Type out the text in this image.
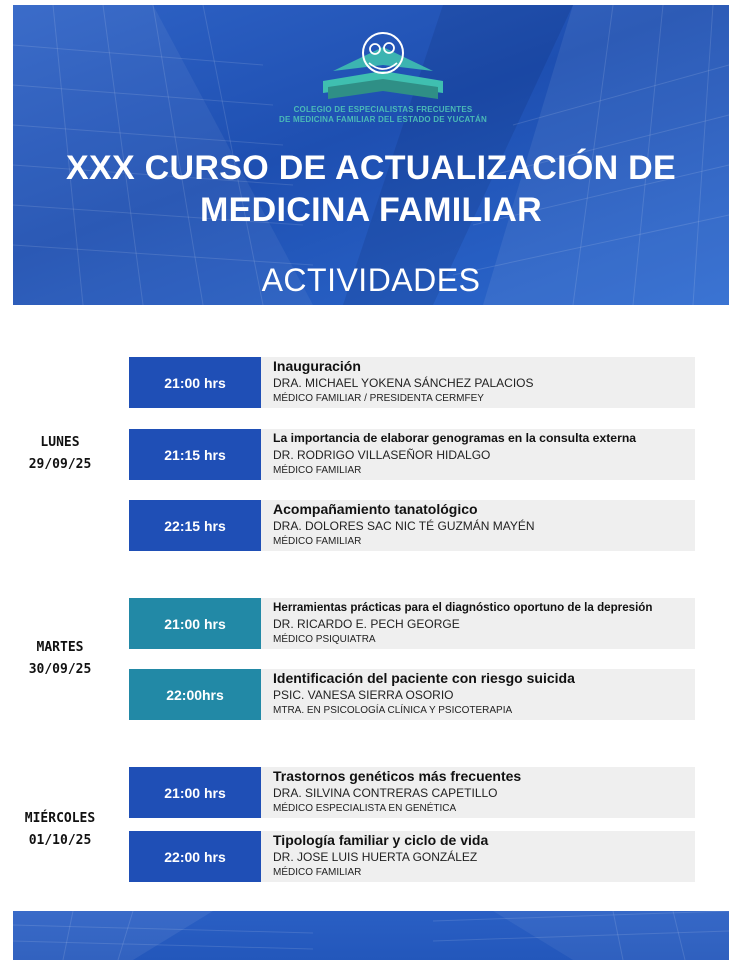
COLEGIO DE ESPECIALISTAS FRECUENTES
DE MEDICINA FAMILIAR DEL ESTADO DE YUCATÁN
XXX CURSO DE ACTUALIZACIÓN DE
MEDICINA FAMILIAR
ACTIVIDADES
LUNES
29/09/25
MARTES
30/09/25
MIÉRCOLES
01/10/25
21:00 hrs
Inauguración
DRA. MICHAEL YOKENA SÁNCHEZ PALACIOS
MÉDICO FAMILIAR / PRESIDENTA CERMFEY
21:15 hrs
La importancia de elaborar genogramas en la consulta externa
DR. RODRIGO VILLASEÑOR HIDALGO
MÉDICO FAMILIAR
22:15 hrs
Acompañamiento tanatológico
DRA. DOLORES SAC NIC TÉ GUZMÁN MAYÉN
MÉDICO FAMILIAR
21:00 hrs
Herramientas prácticas para el diagnóstico oportuno de la depresión
DR. RICARDO E. PECH GEORGE
MÉDICO PSIQUIATRA
22:00hrs
Identificación del paciente con riesgo suicida
PSIC. VANESA SIERRA OSORIO
MTRA. EN PSICOLOGÍA CLÍNICA Y PSICOTERAPIA
21:00 hrs
Trastornos genéticos más frecuentes
DRA. SILVINA CONTRERAS CAPETILLO
MÉDICO ESPECIALISTA EN GENÉTICA
22:00 hrs
Tipología familiar y ciclo de vida
DR. JOSE LUIS HUERTA GONZÁLEZ
MÉDICO FAMILIAR
